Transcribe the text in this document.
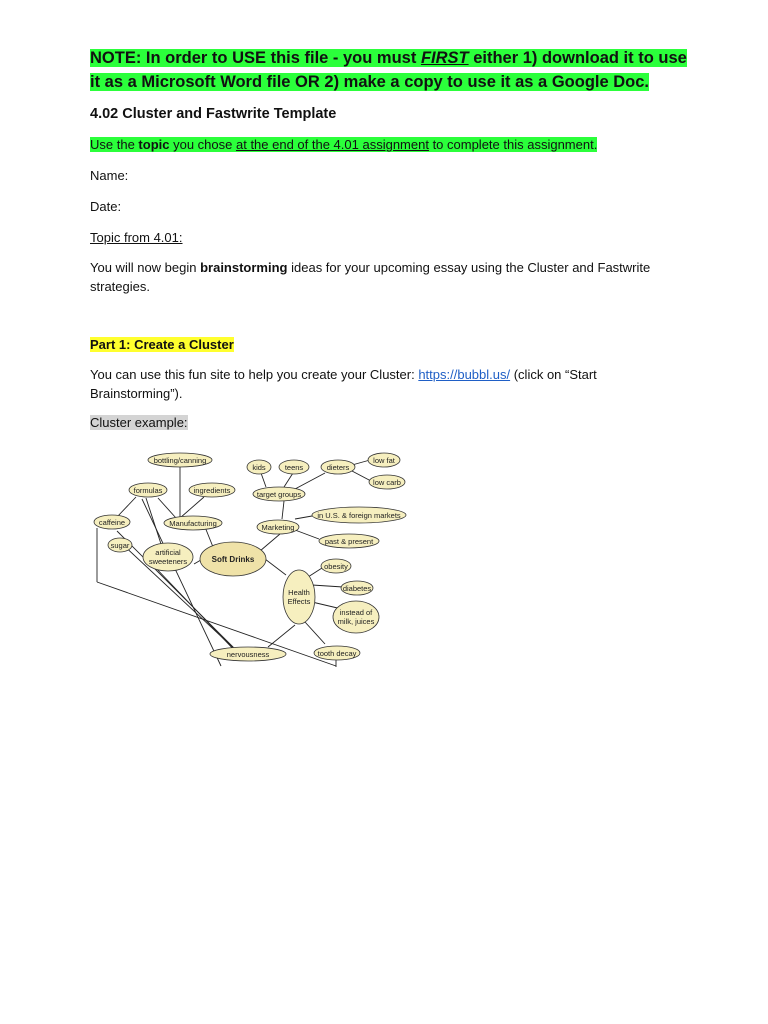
NOTE: In order to USE this file - you must FIRST either 1) download it to use it as a Microsoft Word file OR 2) make a copy to use it as a Google Doc.

4.02 Cluster and Fastwrite Template

Use the topic you chose at the end of the 4.01 assignment to complete this assignment.

Name:

Date:

Topic from 4.01:

You will now begin brainstorming ideas for your upcoming essay using the Cluster and Fastwrite strategies.

Part 1: Create a Cluster

You can use this fun site to help you create your Cluster: https://bubbl.us/ (click on “Start Brainstorming”).

Cluster example:

Soft Drinks
bottling/canning
formulas	ingredients
Manufacturing
caffeine
sugar
artificial
sweeteners
kids	teens	dieters
low fat
low carb
target groups
Marketing
in U.S. & foreign markets
past & present
Health
Effects
obesity
diabetes
instead of
milk, juices
nervousness	tooth decay
